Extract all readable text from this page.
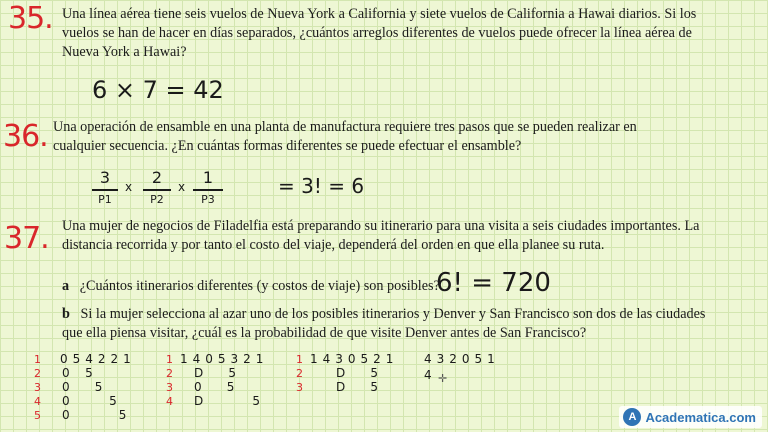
35. Una línea aérea tiene seis vuelos de Nueva York a California y siete vuelos de California a Hawai diarios. Si los vuelos se han de hacer en días separados, ¿cuántos arreglos diferentes de vuelos puede ofrecer la línea aérea de Nueva York a Hawai?

6 × 7 = 42
36. Una operación de ensamble en una planta de manufactura requiere tres pasos que se pueden realizar en cualquier secuencia. ¿En cuántas formas diferentes se puede efectuar el ensamble?

3
P1
x	2
P2
x	1
P3
= 3! = 6
37. Una mujer de negocios de Filadelfia está preparando su itinerario para una visita a seis ciudades importantes. La distancia recorrida y por tanto el costo del viaje, dependerá del orden en que ella planee su ruta.

a ¿Cuántos itinerarios diferentes (y costos de viaje) son posibles?
6! = 720
b Si la mujer selecciona al azar uno de los posibles itinerarios y Denver y San Francisco son dos de las ciudades que ella piensa visitar, ¿cuál es la probabilidad de que visite Denver antes de San Francisco?
1
2
3
4
5
054221
0   5
0     5
0        5
0          5
1
2
3
4
1405321
D     5
0     5
D          5
1
2
3
1430521
D     5
D     5
432051
4 ✛
A Academatica.com
